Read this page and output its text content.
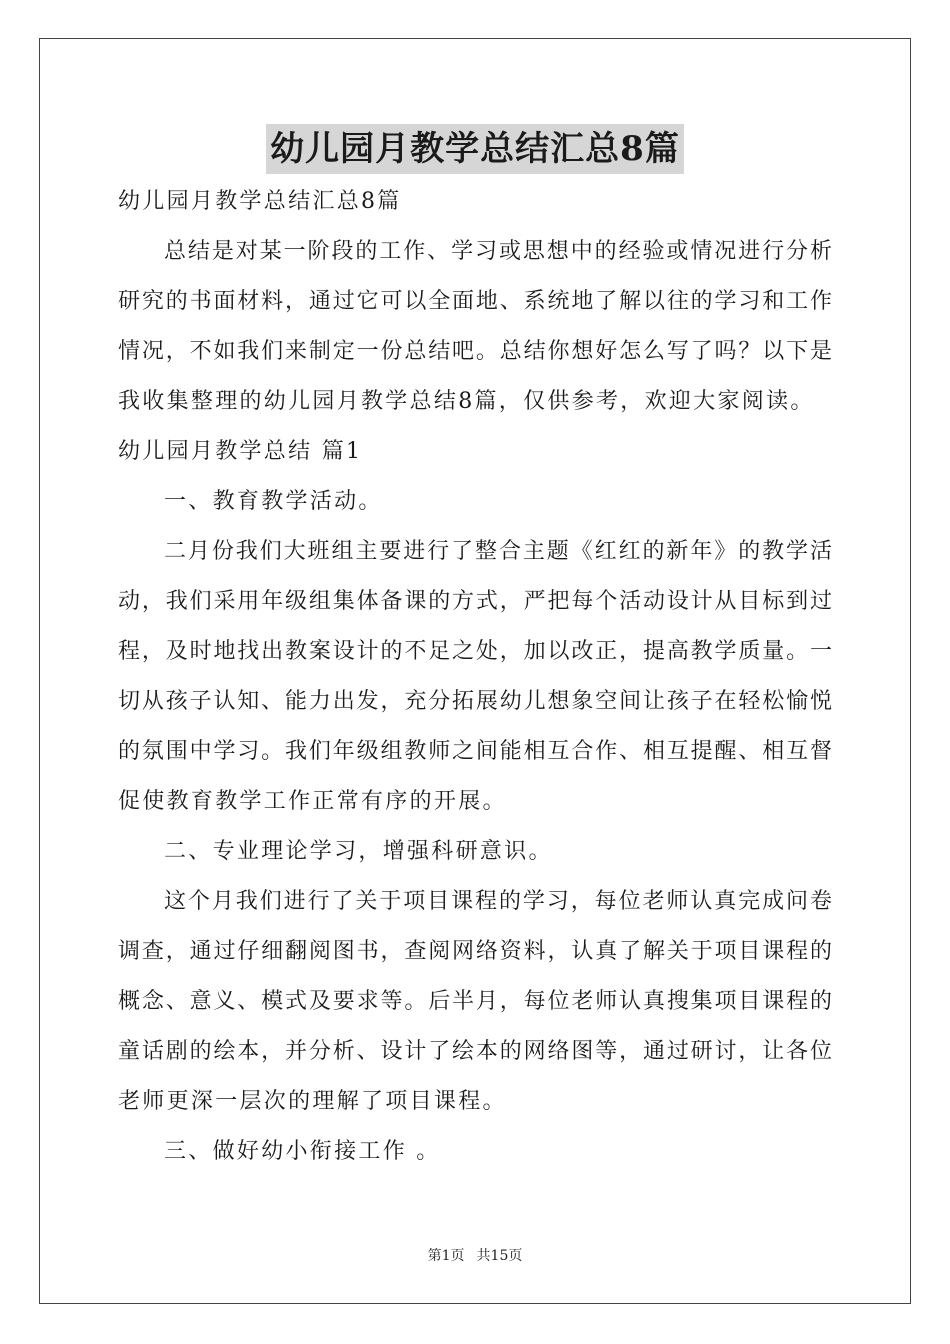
幼儿园月教学总结汇总8篇
幼儿园月教学总结汇总8篇
总结是对某一阶段的工作、学习或思想中的经验或情况进行分析
研究的书面材料，通过它可以全面地、系统地了解以往的学习和工作
情况，不如我们来制定一份总结吧。总结你想好怎么写了吗？以下是
我收集整理的幼儿园月教学总结8篇，仅供参考，欢迎大家阅读。
幼儿园月教学总结 篇1
一、教育教学活动。
二月份我们大班组主要进行了整合主题《红红的新年》的教学活
动，我们采用年级组集体备课的方式，严把每个活动设计从目标到过
程，及时地找出教案设计的不足之处，加以改正，提高教学质量。一
切从孩子认知、能力出发，充分拓展幼儿想象空间让孩子在轻松愉悦
的氛围中学习。我们年级组教师之间能相互合作、相互提醒、相互督
促使教育教学工作正常有序的开展。
二、专业理论学习，增强科研意识。
这个月我们进行了关于项目课程的学习，每位老师认真完成问卷
调查，通过仔细翻阅图书，查阅网络资料，认真了解关于项目课程的
概念、意义、模式及要求等。后半月，每位老师认真搜集项目课程的
童话剧的绘本，并分析、设计了绘本的网络图等，通过研讨，让各位
老师更深一层次的理解了项目课程。
三、做好幼小衔接工作 。
第1页 共15页
